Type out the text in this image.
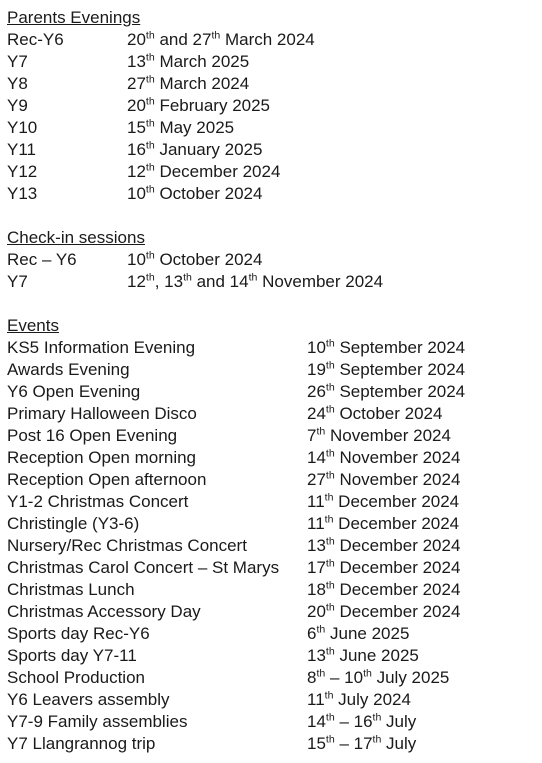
Parents Evenings
Rec-Y6	20th and 27th March 2024
Y7	13th March 2025
Y8	27th March 2024
Y9	20th February 2025
Y10	15th May 2025
Y11	16th January 2025
Y12	12th December 2024
Y13	10th October 2024
Check-in sessions
Rec – Y6	10th October 2024
Y7	12th, 13th and 14th November 2024
Events
KS5 Information Evening	10th September 2024
Awards Evening	19th September 2024
Y6 Open Evening	26th September 2024
Primary Halloween Disco	24th October 2024
Post 16 Open Evening	7th November 2024
Reception Open morning	14th November 2024
Reception Open afternoon	27th November 2024
Y1-2 Christmas Concert	11th December 2024
Christingle (Y3-6)	11th December 2024
Nursery/Rec Christmas Concert	13th December 2024
Christmas Carol Concert – St Marys 17th December 2024
Christmas Lunch	18th December 2024
Christmas Accessory Day	20th December 2024
Sports day Rec-Y6	6th June 2025
Sports day Y7-11	13th June 2025
School Production	8th – 10th July 2025
Y6 Leavers assembly	11th July 2024
Y7-9 Family assemblies	14th – 16th July
Y7 Llangrannog trip	15th – 17th July
